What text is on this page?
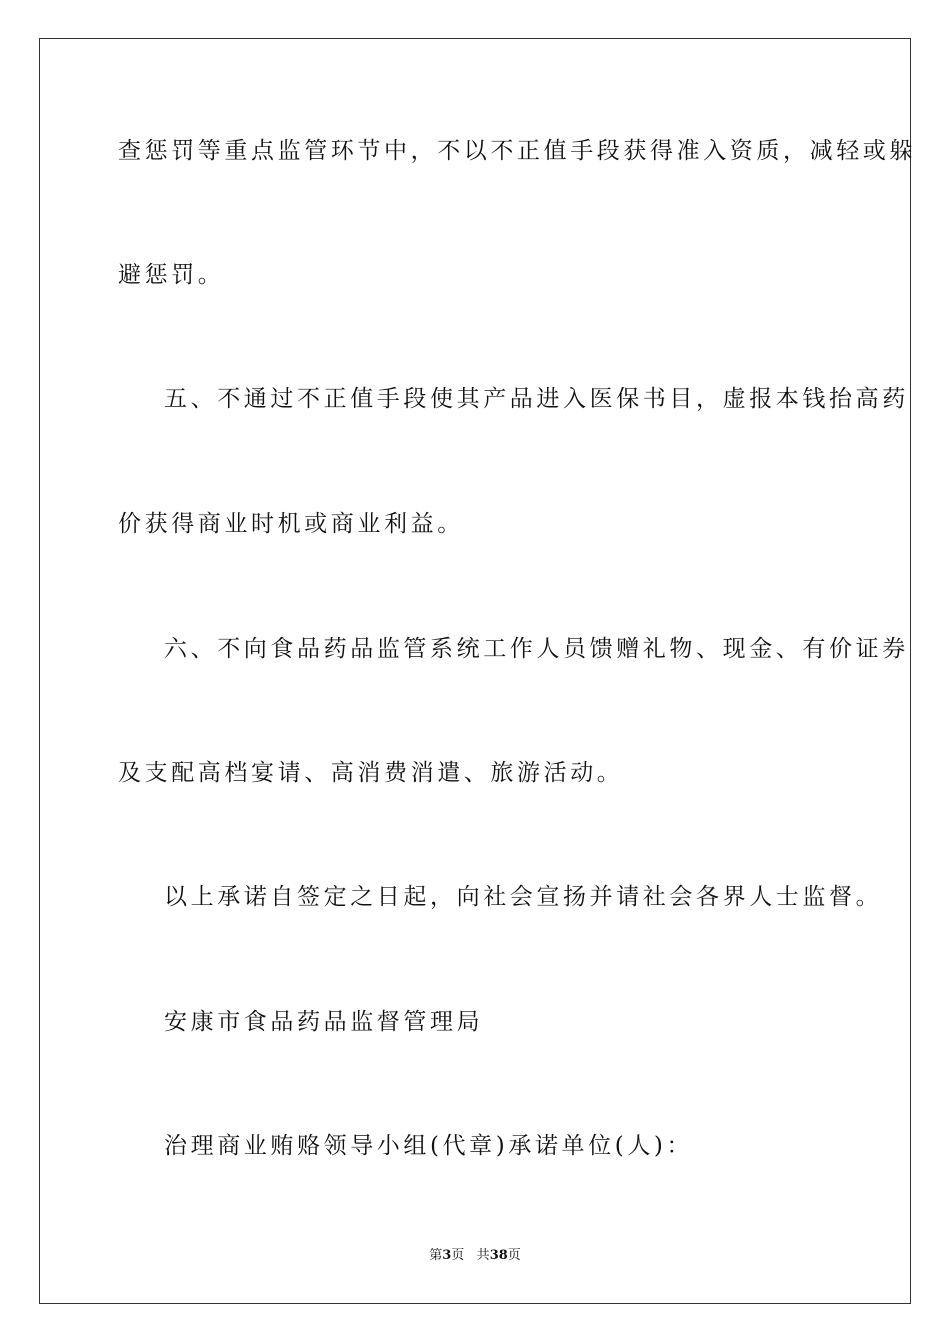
查惩罚等重点监管环节中，不以不正值手段获得准入资质，减轻或躲
避惩罚。
五、不通过不正值手段使其产品进入医保书目，虚报本钱抬高药
价获得商业时机或商业利益。
六、不向食品药品监管系统工作人员馈赠礼物、现金、有价证券
及支配高档宴请、高消费消遣、旅游活动。
以上承诺自签定之日起，向社会宣扬并请社会各界人士监督。
安康市食品药品监督管理局
治理商业贿赂领导小组(代章)承诺单位(人)：
第3页 共38页
